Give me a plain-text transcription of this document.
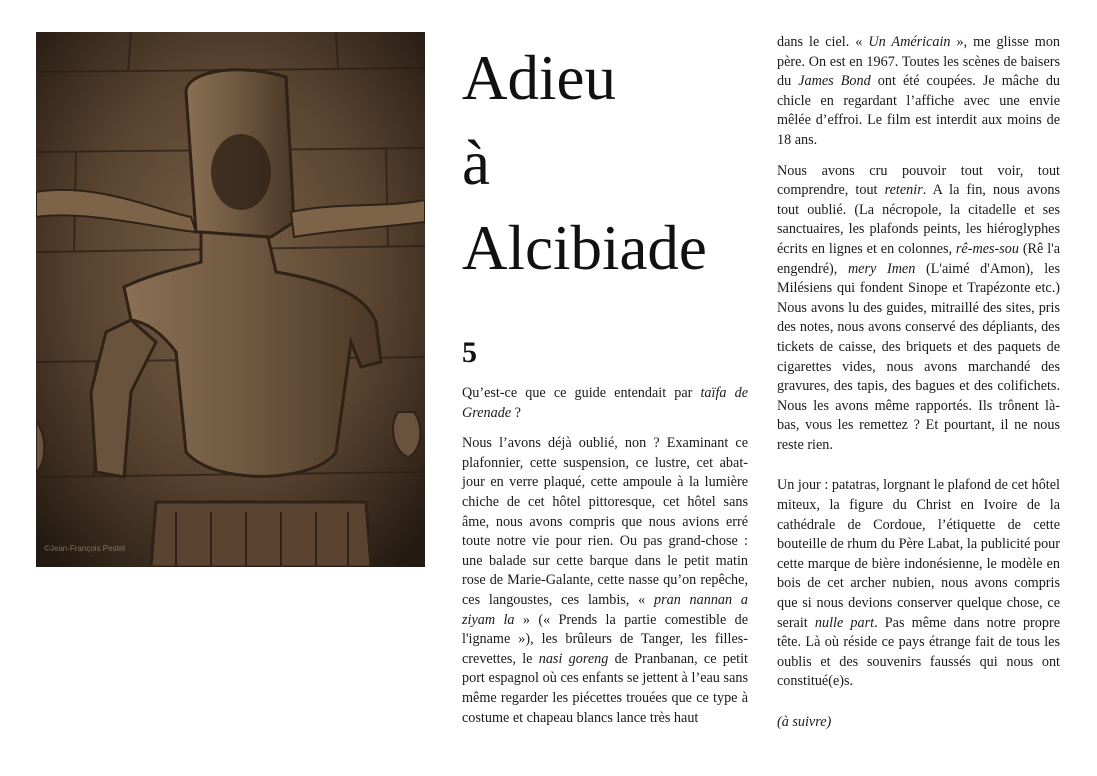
©Jean-François Pestel
Adieu
à
Alcibiade
5

Qu’est-ce que ce guide entendait par taïfa de Grenade ?

Nous l’avons déjà oublié, non ? Examinant ce plafonnier, cette suspension, ce lustre, cet abat-jour en verre plaqué, cette ampoule à la lumière chiche de cet hôtel pittoresque, cet hôtel sans âme, nous avons compris que nous avions erré toute notre vie pour rien. Ou pas grand-chose : une balade sur cette barque dans le petit matin rose de Marie-Galante, cette nasse qu’on repêche, ces langoustes, ces lambis, « pran nannan a ziyam la » (« Prends la partie comestible de l'igname »), les brûleurs de Tanger, les filles-crevettes, le nasi goreng de Pranbanan, ce petit port espagnol où ces enfants se jettent à l’eau sans même regarder les piécettes trouées que ce type à costume et chapeau blancs lance très haut

dans le ciel. « Un Américain », me glisse mon père. On est en 1967. Toutes les scènes de baisers du James Bond ont été coupées. Je mâche du chicle en regardant l’affiche avec une envie mêlée d’effroi. Le film est interdit aux moins de 18 ans.

Nous avons cru pouvoir tout voir, tout comprendre, tout retenir. A la fin, nous avons tout oublié. (La nécropole, la citadelle et ses sanctuaires, les plafonds peints, les hiéroglyphes écrits en lignes et en colonnes, rê-mes-sou (Rê l'a engendré), mery Imen (L'aimé d'Amon), les Milésiens qui fondent Sinope et Trapézonte etc.) Nous avons lu des guides, mitraillé des sites, pris des notes, nous avons conservé des dépliants, des tickets de caisse, des briquets et des paquets de cigarettes vides, nous avons marchandé des gravures, des tapis, des bagues et des colifichets. Nous les avons même rapportés. Ils trônent là-bas, vous les remettez ? Et pourtant, il ne nous reste rien.

Un jour : patatras, lorgnant le plafond de cet hôtel miteux, la figure du Christ en Ivoire de la cathédrale de Cordoue, l’étiquette de cette bouteille de rhum du Père Labat, la publicité pour cette marque de bière indonésienne, le modèle en bois de cet archer nubien, nous avons compris que si nous devions conserver quelque chose, ce serait nulle part. Pas même dans notre propre tête. Là où réside ce pays étrange fait de tous les oublis et des souvenirs faussés qui nous ont constitué(e)s.

(à suivre)
